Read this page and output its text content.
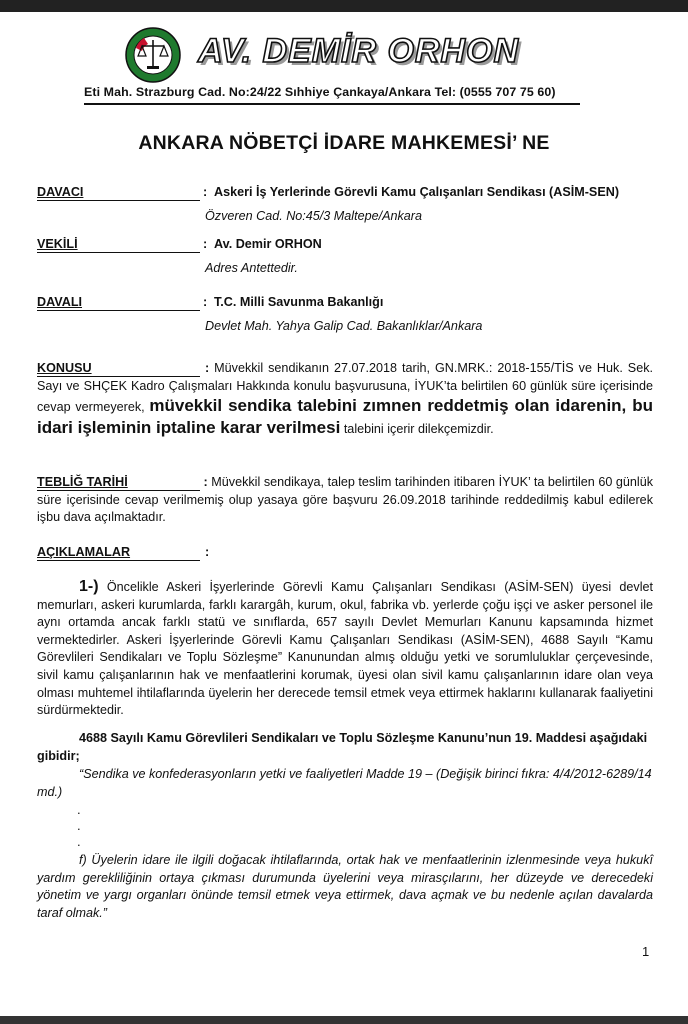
AV. DEMİR ORHON
Eti Mah. Strazburg Cad. No:24/22 Sıhhiye Çankaya/Ankara Tel: (0555 707 75 60)
ANKARA NÖBETÇİ İDARE MAHKEMESİ’ NE
DAVACI	: Askeri İş Yerlerinde Görevli Kamu Çalışanları Sendikası (ASİM-SEN)
Özveren Cad. No:45/3 Maltepe/Ankara
VEKİLİ	: Av. Demir ORHON
Adres Antettedir.
DAVALI	: T.C. Milli Savunma Bakanlığı
Devlet Mah. Yahya Galip Cad. Bakanlıklar/Ankara

KONUSU	: Müvekkil sendikanın 27.07.2018 tarih, GN.MRK.: 2018-155/TİS ve Huk. Sek. Sayı ve SHÇEK Kadro Çalışmaları Hakkında konulu başvurusuna, İYUK’ta belirtilen 60 günlük süre içerisinde cevap vermeyerek, müvekkil sendika talebini zımnen reddetmiş olan idarenin, bu idari işleminin iptaline karar verilmesi talebini içerir dilekçemizdir.

TEBLİĞ TARİHİ	: Müvekkil sendikaya, talep teslim tarihinden itibaren İYUK’ ta belirtilen 60 günlük süre içerisinde cevap verilmemiş olup yasaya göre başvuru 26.09.2018 tarihinde reddedilmiş kabul edilerek işbu dava açılmaktadır.

AÇIKLAMALAR	:

1-) Öncelikle Askeri İşyerlerinde Görevli Kamu Çalışanları Sendikası (ASİM-SEN) üyesi devlet memurları, askeri kurumlarda, farklı karargâh, kurum, okul, fabrika vb. yerlerde çoğu işçi ve asker personel ile aynı ortamda ancak farklı statü ve sınıflarda, 657 sayılı Devlet Memurları Kanunu kapsamında hizmet vermektedirler. Askeri İşyerlerinde Görevli Kamu Çalışanları Sendikası (ASİM-SEN), 4688 Sayılı “Kamu Görevlileri Sendikaları ve Toplu Sözleşme” Kanunundan almış olduğu yetki ve sorumluluklar çerçevesinde, sivil kamu çalışanlarının hak ve menfaatlerini korumak, üyesi olan sivil kamu çalışanlarının idare olan veya olması muhtemel ihtilaflarında üyelerin her derecede temsil etmek veya ettirmek haklarını kullanarak faaliyetini sürdürmektedir.

4688 Sayılı Kamu Görevlileri Sendikaları ve Toplu Sözleşme Kanunu’nun 19. Maddesi aşağıdaki gibidir;

“Sendika ve konfederasyonların yetki ve faaliyetleri Madde 19 – (Değişik birinci fıkra: 4/4/2012-6289/14 md.)

.
.
.

f) Üyelerin idare ile ilgili doğacak ihtilaflarında, ortak hak ve menfaatlerinin izlenmesinde veya hukukî yardım gerekliliğinin ortaya çıkması durumunda üyelerini veya mirasçılarını, her düzeyde ve derecedeki yönetim ve yargı organları önünde temsil etmek veya ettirmek, dava açmak ve bu nedenle açılan davalarda taraf olmak.”

1
